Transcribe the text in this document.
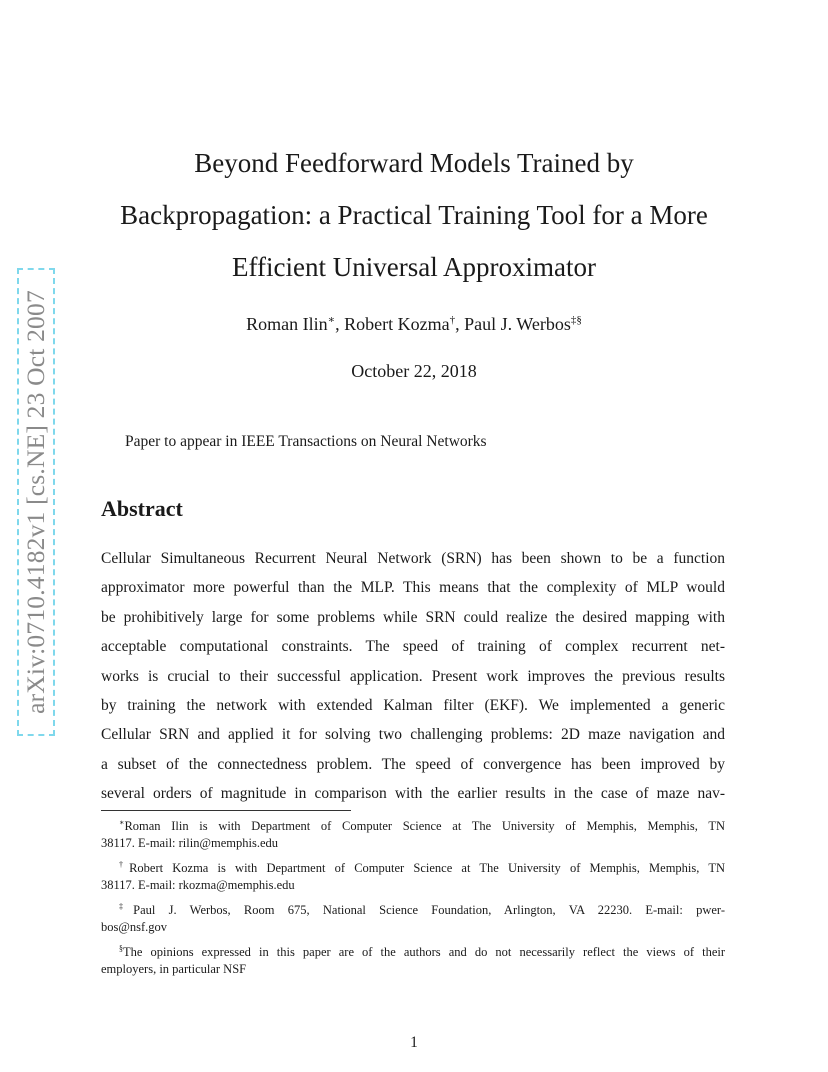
arXiv:0710.4182v1 [cs.NE] 23 Oct 2007
Beyond Feedforward Models Trained by
Backpropagation: a Practical Training Tool for a More
Efficient Universal Approximator
Roman Ilin∗, Robert Kozma†, Paul J. Werbos‡§
October 22, 2018
Paper to appear in IEEE Transactions on Neural Networks
Abstract
Cellular Simultaneous Recurrent Neural Network (SRN) has been shown to be a function
approximator more powerful than the MLP. This means that the complexity of MLP would
be prohibitively large for some problems while SRN could realize the desired mapping with
acceptable computational constraints. The speed of training of complex recurrent net-
works is crucial to their successful application. Present work improves the previous results
by training the network with extended Kalman filter (EKF). We implemented a generic
Cellular SRN and applied it for solving two challenging problems: 2D maze navigation and
a subset of the connectedness problem. The speed of convergence has been improved by
several orders of magnitude in comparison with the earlier results in the case of maze nav-
∗Roman Ilin is with Department of Computer Science at The University of Memphis, Memphis, TN
38117. E-mail: rilin@memphis.edu
†Robert Kozma is with Department of Computer Science at The University of Memphis, Memphis, TN
38117. E-mail: rkozma@memphis.edu
‡Paul J. Werbos, Room 675, National Science Foundation, Arlington, VA 22230. E-mail: pwer-
bos@nsf.gov
§The opinions expressed in this paper are of the authors and do not necessarily reflect the views of their
employers, in particular NSF
1
